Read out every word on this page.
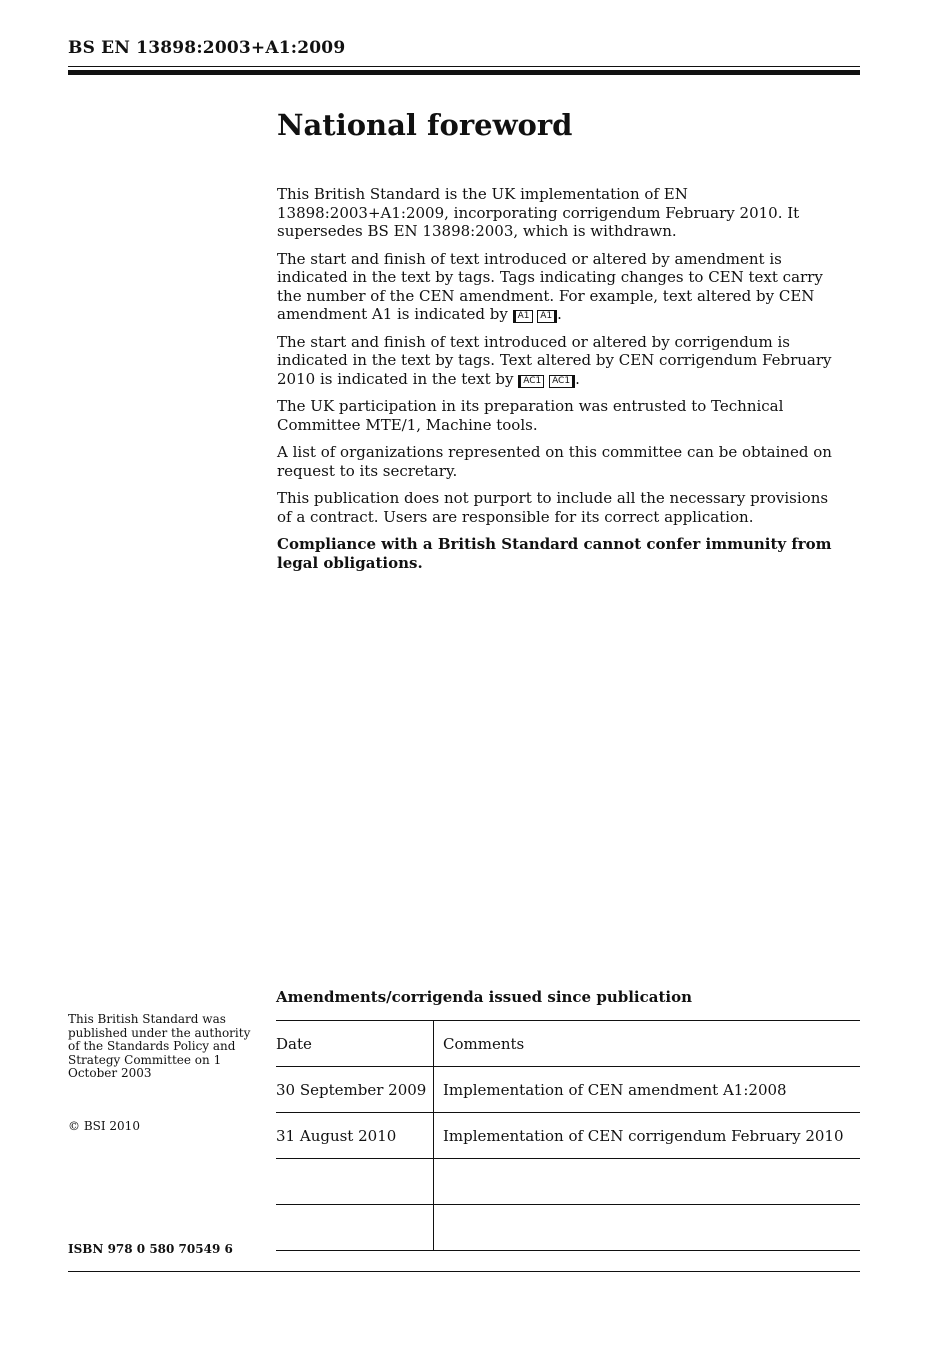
BS EN 13898:2003+A1:2009
National foreword

This British Standard is the UK implementation of EN 13898:2003+A1:2009, incorporating corrigendum February 2010. It supersedes BS EN 13898:2003, which is withdrawn.

The start and finish of text introduced or altered by amendment is indicated in the text by tags. Tags indicating changes to CEN text carry the number of the CEN amendment. For example, text altered by CEN amendment A1 is indicated by A1 A1 .

The start and finish of text introduced or altered by corrigendum is indicated in the text by tags. Text altered by CEN corrigendum February 2010 is indicated in the text by AC1 AC1 .

The UK participation in its preparation was entrusted to Technical Committee MTE/1, Machine tools.

A list of organizations represented on this committee can be obtained on request to its secretary.

This publication does not purport to include all the necessary provisions of a contract. Users are responsible for its correct application.

Compliance with a British Standard cannot confer immunity from legal obligations.

This British Standard was published under the authority of the Standards Policy and Strategy Committee on 1 October 2003
© BSI 2010
ISBN 978 0 580 70549 6
Amendments/corrigenda issued since publication
Date	Comments
30 September 2009	Implementation of CEN amendment A1:2008
31 August 2010	Implementation of CEN corrigendum February 2010
